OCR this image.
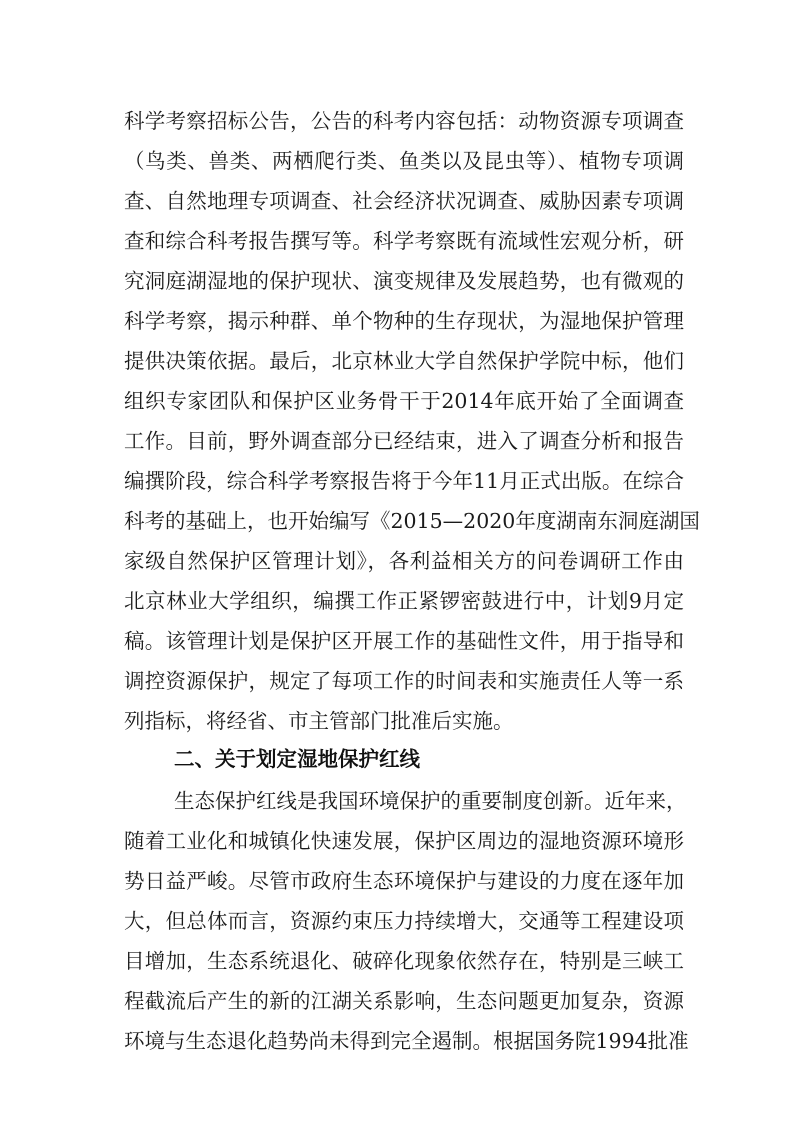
科学考察招标公告，公告的科考内容包括：动物资源专项调查
（鸟类、兽类、两栖爬行类、鱼类以及昆虫等）、植物专项调
查、自然地理专项调查、社会经济状况调查、威胁因素专项调
查和综合科考报告撰写等。科学考察既有流域性宏观分析，研
究洞庭湖湿地的保护现状、演变规律及发展趋势，也有微观的
科学考察，揭示种群、单个物种的生存现状，为湿地保护管理
提供决策依据。最后，北京林业大学自然保护学院中标，他们
组织专家团队和保护区业务骨干于2014年底开始了全面调查
工作。目前，野外调查部分已经结束，进入了调查分析和报告
编撰阶段，综合科学考察报告将于今年11月正式出版。在综合
科考的基础上，也开始编写《2015—2020年度湖南东洞庭湖国
家级自然保护区管理计划》，各利益相关方的问卷调研工作由
北京林业大学组织，编撰工作正紧锣密鼓进行中，计划9月定
稿。该管理计划是保护区开展工作的基础性文件，用于指导和
调控资源保护，规定了每项工作的时间表和实施责任人等一系
列指标，将经省、市主管部门批准后实施。
二、关于划定湿地保护红线
生态保护红线是我国环境保护的重要制度创新。近年来，
随着工业化和城镇化快速发展，保护区周边的湿地资源环境形
势日益严峻。尽管市政府生态环境保护与建设的力度在逐年加
大，但总体而言，资源约束压力持续增大，交通等工程建设项
目增加，生态系统退化、破碎化现象依然存在，特别是三峡工
程截流后产生的新的江湖关系影响，生态问题更加复杂，资源
环境与生态退化趋势尚未得到完全遏制。根据国务院1994批准
